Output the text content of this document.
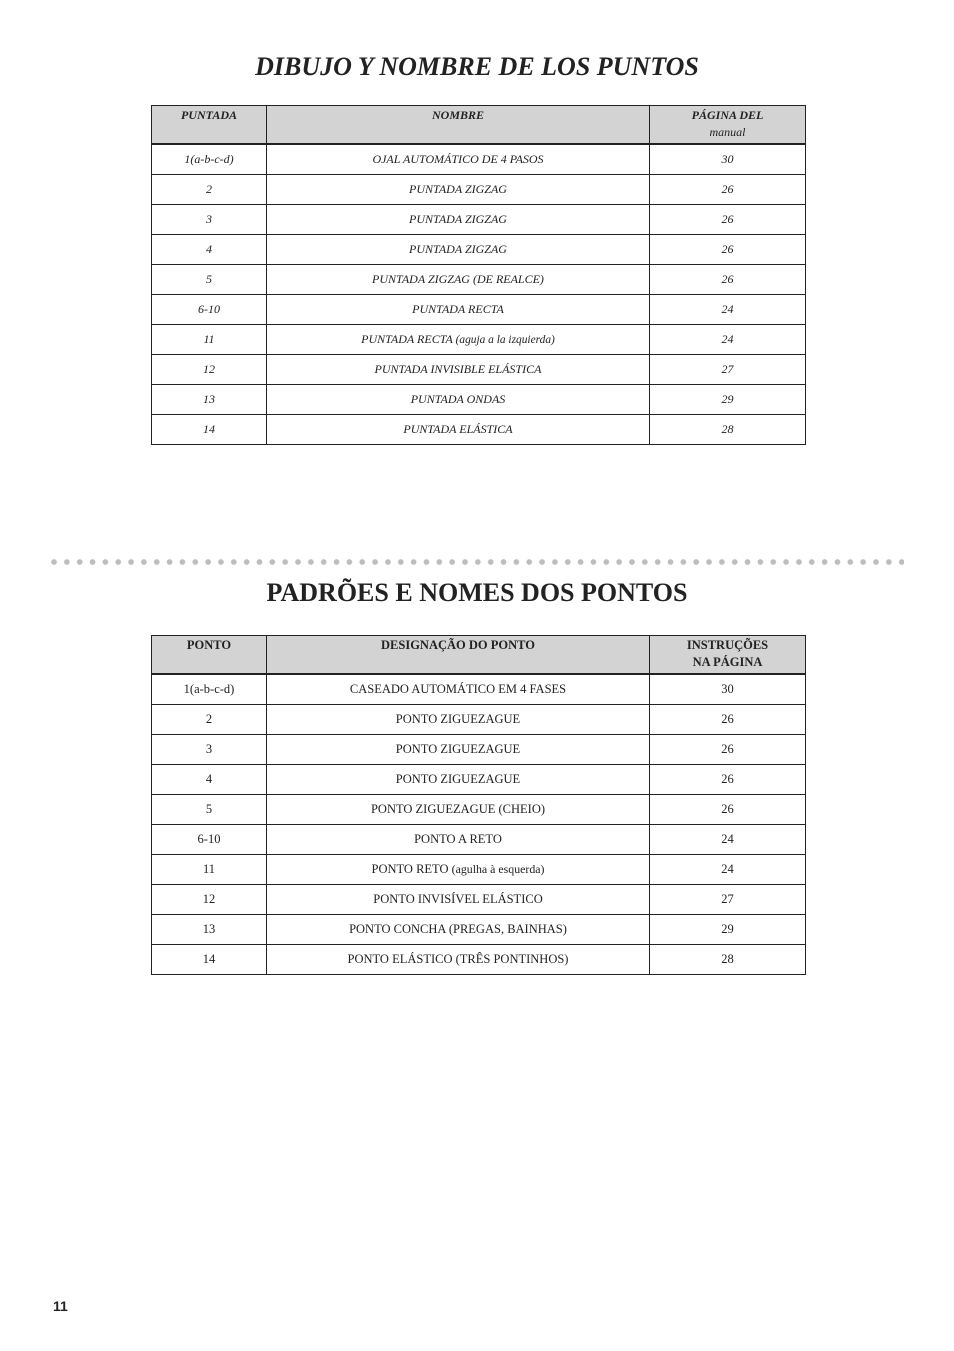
DIBUJO Y NOMBRE DE LOS PUNTOS
PUNTADA	NOMBRE	PÁGINA DEL
manual
1(a-b-c-d)	OJAL AUTOMÁTICO DE 4 PASOS	30
2	PUNTADA ZIGZAG	26
3	PUNTADA ZIGZAG	26
4	PUNTADA ZIGZAG	26
5	PUNTADA ZIGZAG (DE REALCE)	26
6-10	PUNTADA RECTA	24
11	PUNTADA RECTA (aguja a la izquierda)	24
12	PUNTADA INVISIBLE ELÁSTICA	27
13	PUNTADA ONDAS	29
14	PUNTADA ELÁSTICA	28
PADRÕES E NOMES DOS PONTOS
PONTO	DESIGNAÇÃO DO PONTO	INSTRUÇÕES
NA PÁGINA
1(a-b-c-d)	CASEADO AUTOMÁTICO EM 4 FASES	30
2	PONTO ZIGUEZAGUE	26
3	PONTO ZIGUEZAGUE	26
4	PONTO ZIGUEZAGUE	26
5	PONTO ZIGUEZAGUE (CHEIO)	26
6-10	PONTO A RETO	24
11	PONTO RETO (agulha à esquerda)	24
12	PONTO INVISÍVEL ELÁSTICO	27
13	PONTO CONCHA (PREGAS, BAINHAS)	29
14	PONTO ELÁSTICO (TRÊS PONTINHOS)	28
11
